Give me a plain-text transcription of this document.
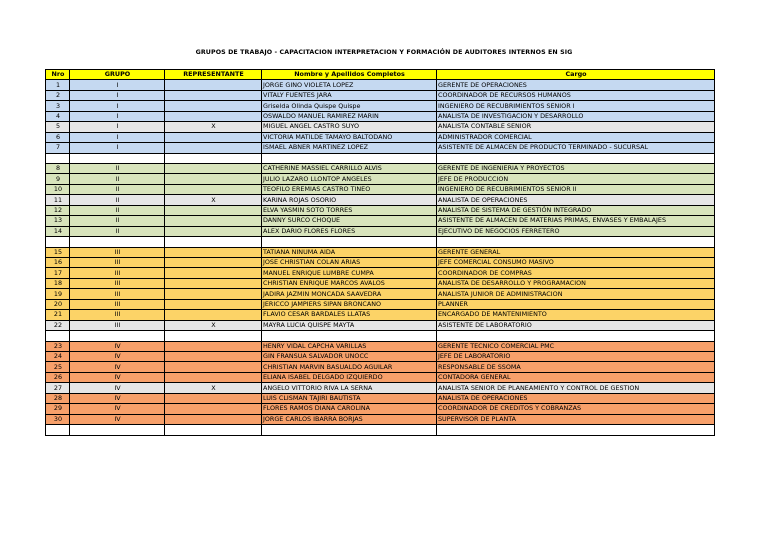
GRUPOS DE TRABAJO - CAPACITACION INTERPRETACION Y FORMACIÓN DE AUDITORES INTERNOS EN SIG
Nro	GRUPO	REPRESENTANTE	Nombre y Apellidos Completos	Cargo
1	I		JORGE GINO VIOLETA LOPEZ	GERENTE DE OPERACIONES
2	I		VITALY FUENTES JARA	COORDINADOR DE RECURSOS HUMANOS
3	I		Griselda Olinda Quispe Quispe	INGENIERO DE RECUBRIMIENTOS SENIOR I
4	I		OSWALDO MANUEL RAMIREZ MARIN	ANALISTA DE INVESTIGACION Y DESARROLLO
5	I	X	MIGUEL ANGEL CASTRO SUYO	ANALISTA CONTABLE SENIOR
6	I		VICTORIA MATILDE TAMAYO BALTODANO	ADMINISTRADOR COMERCIAL
7	I		ISMAEL ABNER MARTINEZ LOPEZ	ASISTENTE DE ALMACEN DE PRODUCTO TERMINADO - SUCURSAL

8	II		CATHERINE MASSIEL CARRILLO ALVIS	GERENTE DE INGENIERIA Y PROYECTOS
9	II		JULIO LAZARO LLONTOP ANGELES	JEFE DE PRODUCCION
10	II		TEOFILO EREMIAS CASTRO TINEO	INGENIERO DE RECUBRIMIENTOS SENIOR II
11	II	X	KARINA ROJAS OSORIO	ANALISTA DE OPERACIONES
12	II		ELVA YASMIN SOTO TORRES	ANALISTA DE SISTEMA DE GESTIÓN INTEGRADO
13	II		DANNY SURCO CHOQUE	ASISTENTE DE ALMACEN DE MATERIAS PRIMAS, ENVASES Y EMBALAJES
14	II		ALEX DARIO FLORES FLORES	EJECUTIVO DE NEGOCIOS FERRETERO

15	III		TATIANA NINUMA AIDA	GERENTE GENERAL
16	III		JOSE CHRISTIAN COLAN ARIAS	JEFE COMERCIAL CONSUMO MASIVO
17	III		MANUEL ENRIQUE LUMBRE CUMPA	COORDINADOR DE COMPRAS
18	III		CHRISTIAN ENRIQUE MARCOS AVALOS	ANALISTA DE DESARROLLO Y PROGRAMACION
19	III		JADIRA JAZMIN MONCADA SAAVEDRA	ANALISTA JUNIOR DE ADMINISTRACION
20	III		JERICCO JAMPIERS SIPAN BRONCANO	PLANNER
21	III		FLAVIO CESAR BARDALES LLATAS	ENCARGADO DE MANTENIMIENTO
22	III	X	MAYRA LUCIA QUISPE MAYTA	ASISTENTE DE LABORATORIO

23	IV		HENRY VIDAL CAPCHA VARILLAS	GERENTE TECNICO COMERCIAL PMC
24	IV		GIN FRANSUA SALVADOR UNOCC	JEFE DE LABORATORIO
25	IV		CHRISTIAN MARVIN BASUALDO AGUILAR	RESPONSABLE DE SSOMA
26	IV		ELIANA ISABEL DELGADO IZQUIERDO	CONTADORA GENERAL
27	IV	X	ANGELO VITTORIO RIVA LA SERNA	ANALISTA SENIOR DE PLANEAMIENTO Y CONTROL DE GESTION
28	IV		LUIS CLISMAN TAJIRI BAUTISTA	ANALISTA DE OPERACIONES
29	IV		FLORES RAMOS DIANA CAROLINA	COORDINADOR DE CREDITOS Y COBRANZAS
30	IV		JORGE CARLOS IBARRA BORJAS	SUPERVISOR DE PLANTA
